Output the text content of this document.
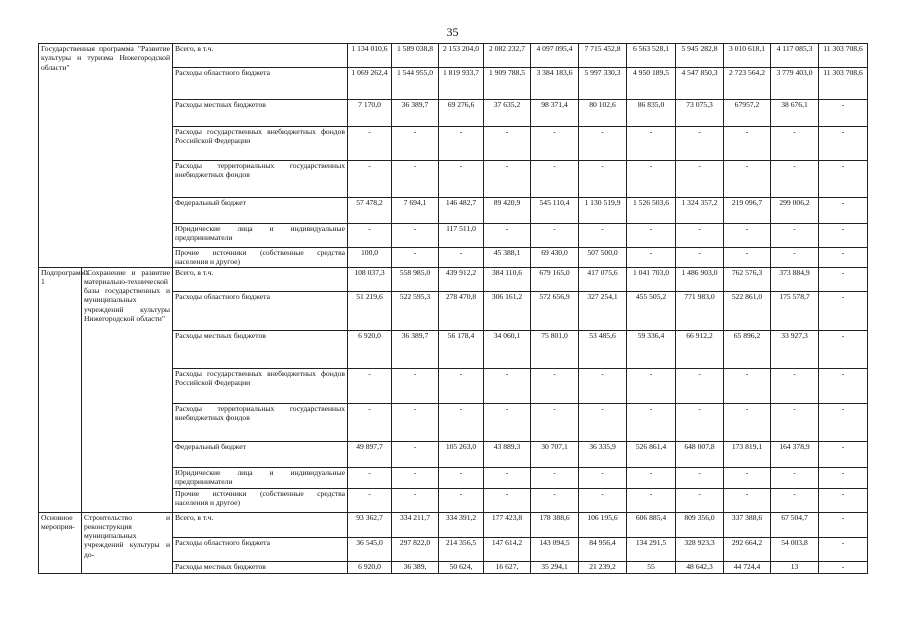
35
Государственная программа "Развитие культуры и туризма Нижегородской области"		Всего, в т.ч.	1 134 010,6	1 589 038,8	2 153 204,0	2 082 232,7	4 097 095,4	7 715 452,8	6 563 528,1	5 945 282,8	3 010 618,1	4 117 085,3	11 303 708,6
		Расходы областного бюджета	1 069 262,4	1 544 955,0	1 819 933,7	1 909 788,5	3 384 183,6	5 997 330,3	4 950 189,5	4 547 850,3	2 723 564,2	3 779 403,0	11 303 708,6
		Расходы местных бюджетов	7 170,0	36 389,7	69 276,6	37 635,2	98 371,4	80 102,6	86 835,0	73 075,3	67957,2	38 676,1	-
		Расходы государственных внебюджетных фондов Российской Федерации	-	-	-	-	-	-	-	-	-	-	-
		Расходы территориальных государственных внебюджетных фондов	-	-	-	-	-	-	-	-	-	-	-
		Федеральный бюджет	57 478,2	7 694,1	146 482,7	89 420,9	545 110,4	1 130 519,9	1 526 503,6	1 324 357,2	219 096,7	299 006,2	-
		Юридические лица и индивидуальные предприниматели	-	-	117 511,0	-	-	-	-	-	-	-	-
		Прочие источники (собственные средства населения и другое)	100,0	-	-	45 388,1	69 430,0	507 500,0	-	-	-	-	-
Подпрограмма 1	"Сохранение и развитие материально-технической базы государственных и муниципальных учреждений культуры Нижегородской области"	Всего, в т.ч.	108 037,3	558 985,0	439 912,2	384 110,6	679 165,0	417 075,6	1 041 703,0	1 486 903,0	762 576,3	373 884,9	-
		Расходы областного бюджета	51 219,6	522 595,3	278 470,8	306 161,2	572 656,9	327 254,1	455 505,2	771 983,0	522 861,0	175 578,7	-
		Расходы местных бюджетов	6 920,0	36 389,7	56 178,4	34 060,1	75 801,0	53 485,6	59 336,4	66 912,2	65 896,2	33 927,3	-
		Расходы государственных внебюджетных фондов Российской Федерации	-	-	-	-	-	-	-	-	-	-	-
		Расходы территориальных государственных внебюджетных фондов	-	-	-	-	-	-	-	-	-	-	-
		Федеральный бюджет	49 897,7	-	105 263,0	43 889,3	30 707,1	36 335,9	526 861,4	648 007,8	173 819,1	164 378,9	-
		Юридические лица и индивидуальные предприниматели	-	-	-	-	-	-	-	-	-	-	-
		Прочие источники (собственные средства населения и другое)	-	-	-	-	-	-	-	-	-	-	-
Основное мероприя-	Строительство и реконструкция муниципальных учреждений культуры и до-	Всего, в т.ч.	93 362,7	334 211,7	334 391,2	177 423,8	178 388,6	106 195,6	606 885,4	809 356,0	337 388,6	67 504,7	-
		Расходы областного бюджета	36 545,0	297 822,0	214 356,5	147 614,2	143 094,5	84 956,4	134 291,5	328 923,3	292 664,2	54 003,8	-
		Расходы местных бюджетов	6 920,0	36 389,	50 624,	16 627,	35 294,1	21 239,2	55	48 642,3	44 724,4	13	-
